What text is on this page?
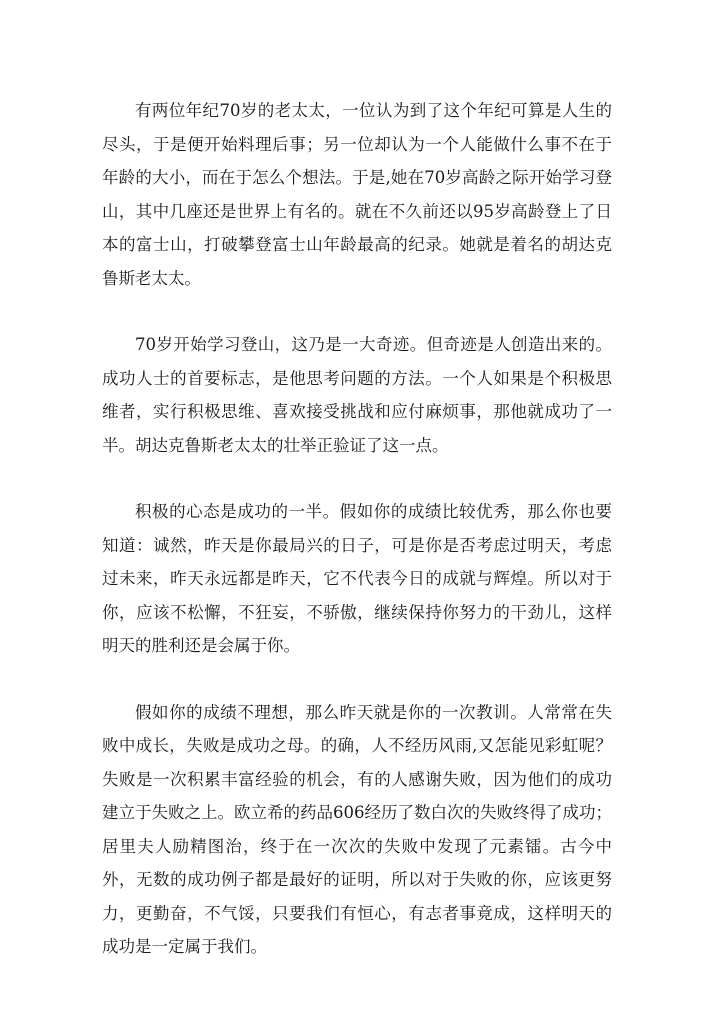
有两位年纪70岁的老太太，一位认为到了这个年纪可算是人生的尽头，于是便开始料理后事；另一位却认为一个人能做什么事不在于年龄的大小，而在于怎么个想法。于是,她在70岁高龄之际开始学习登山，其中几座还是世界上有名的。就在不久前还以95岁高龄登上了日本的富士山，打破攀登富士山年龄最高的纪录。她就是着名的胡达克鲁斯老太太。

70岁开始学习登山，这乃是一大奇迹。但奇迹是人创造出来的。成功人士的首要标志，是他思考问题的方法。一个人如果是个积极思维者，实行积极思维、喜欢接受挑战和应付麻烦事，那他就成功了一半。胡达克鲁斯老太太的壮举正验证了这一点。

积极的心态是成功的一半。假如你的成绩比较优秀，那么你也要知道：诚然，昨天是你最局兴的日子，可是你是否考虑过明天，考虑过未来，昨天永远都是昨天，它不代表今日的成就与辉煌。所以对于你，应该不松懈，不狂妄，不骄傲，继续保持你努力的干劲儿，这样明天的胜利还是会属于你。

假如你的成绩不理想，那么昨天就是你的一次教训。人常常在失败中成长，失败是成功之母。的确，人不经历风雨,又怎能见彩虹呢？失败是一次积累丰富经验的机会，有的人感谢失败，因为他们的成功建立于失败之上。欧立希的药品606经历了数白次的失败终得了成功；居里夫人励精图治，终于在一次次的失败中发现了元素镭。古今中外，无数的成功例子都是最好的证明，所以对于失败的你，应该更努力，更勤奋，不气馁，只要我们有恒心，有志者事竟成，这样明天的成功是一定属于我们。
